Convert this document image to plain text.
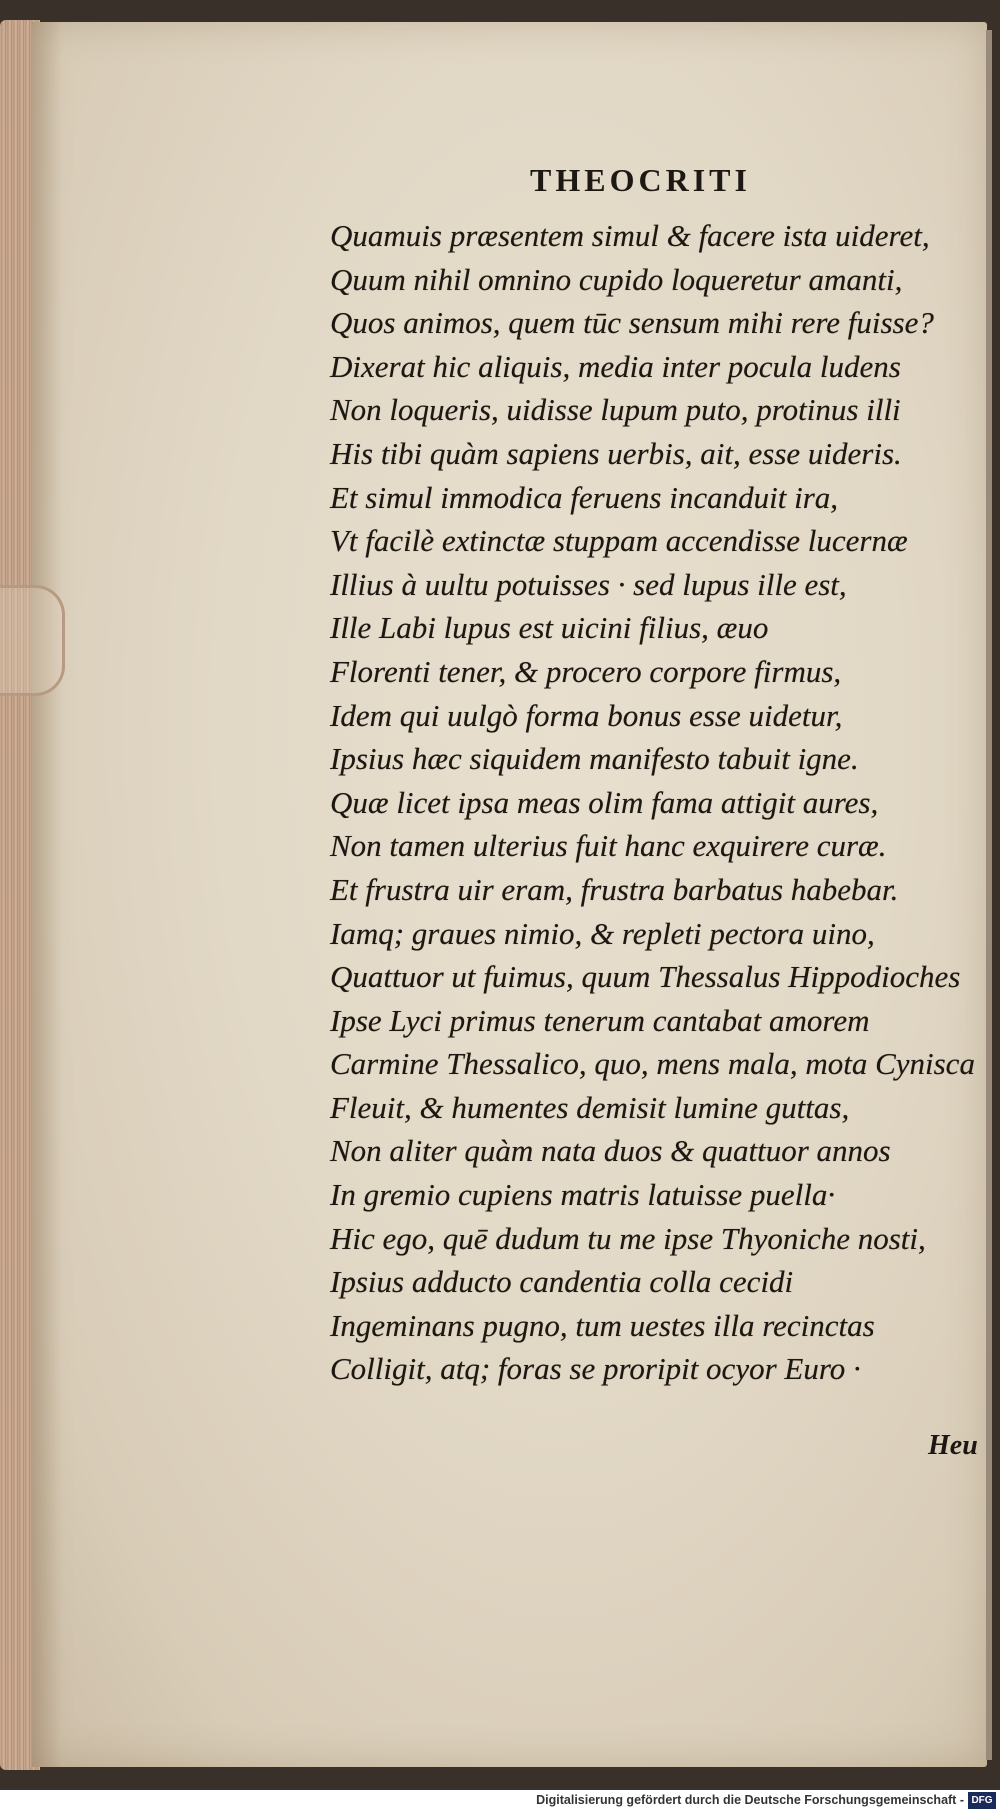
THEOCRITI
Quamuis præsentem simul & facere ista uideret,
Quum nihil omnino cupido loqueretur amanti,
Quos animos, quem tūc sensum mihi rere fuisse?
Dixerat hic aliquis, media inter pocula ludens
Non loqueris, uidisse lupum puto, protinus illi
His tibi quàm sapiens uerbis, ait, esse uideris.
Et simul immodica feruens incanduit ira,
Vt facilè extinctæ stuppam accendisse lucernæ
Illius à uultu potuisses · sed lupus ille est,
Ille Labi lupus est uicini filius, æuo
Florenti tener, & procero corpore firmus,
Idem qui uulgò forma bonus esse uidetur,
Ipsius hæc siquidem manifesto tabuit igne.
Quæ licet ipsa meas olim fama attigit aures,
Non tamen ulterius fuit hanc exquirere curæ.
Et frustra uir eram, frustra barbatus habebar.
Iamq; graues nimio, & repleti pectora uino,
Quattuor ut fuimus, quum Thessalus Hippodioches
Ipse Lyci primus tenerum cantabat amorem
Carmine Thessalico, quo, mens mala, mota Cynisca
Fleuit, & humentes demisit lumine guttas,
Non aliter quàm nata duos & quattuor annos
In gremio cupiens matris latuisse puella·
Hic ego, quē dudum tu me ipse Thyoniche nosti,
Ipsius adducto candentia colla cecidi
Ingeminans pugno, tum uestes illa recinctas
Colligit, atq; foras se proripit ocyor Euro ·
Heu
Digitalisierung gefördert durch die Deutsche Forschungsgemeinschaft - DFG
